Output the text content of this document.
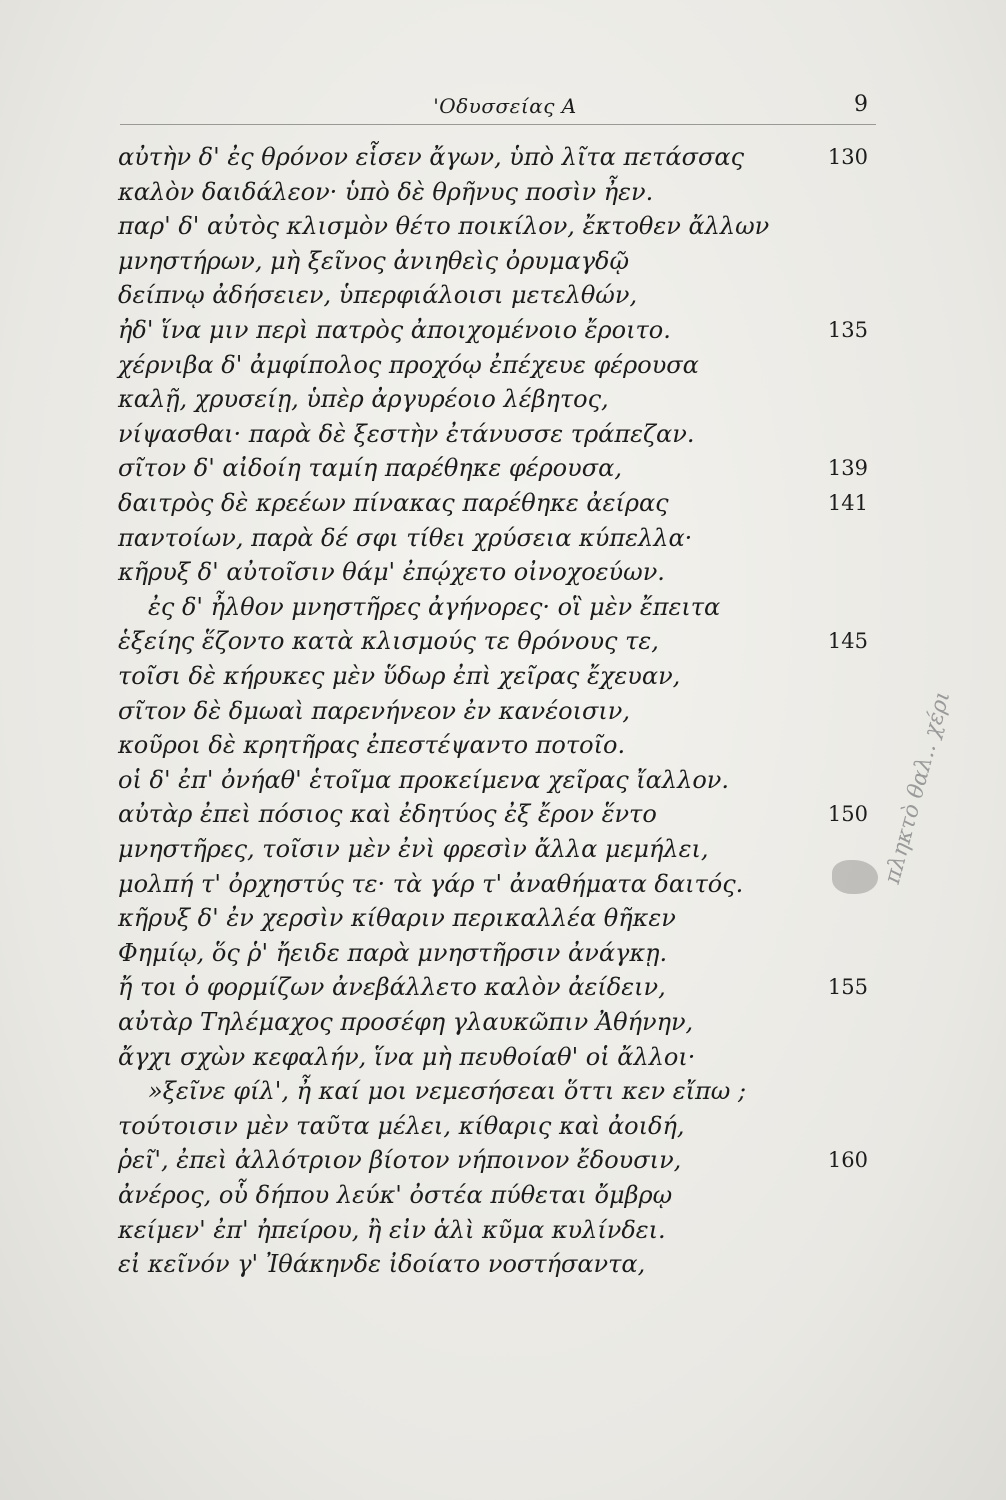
'Οδυσσείας Α	9
αὐτὴν δ' ἐς θρόνον εἷσεν ἄγων, ὑπὸ λῖτα πετάσσας	130
καλὸν δαιδάλεον· ὑπὸ δὲ θρῆνυς ποσὶν ἦεν.
παρ' δ' αὐτὸς κλισμὸν θέτο ποικίλον, ἔκτοθεν ἄλλων
μνηστήρων, μὴ ξεῖνος ἀνιηθεὶς ὀρυμαγδῷ
δείπνῳ ἀδήσειεν, ὑπερφιάλοισι μετελθών,
ἠδ' ἵνα μιν περὶ πατρὸς ἀποιχομένοιο ἔροιτο.	135
χέρνιβα δ' ἀμφίπολος προχόῳ ἐπέχευε φέρουσα
καλῇ, χρυσείῃ, ὑπὲρ ἀργυρέοιο λέβητος,
νίψασθαι· παρὰ δὲ ξεστὴν ἐτάνυσσε τράπεζαν.
σῖτον δ' αἰδοίη ταμίη παρέθηκε φέρουσα,	139
δαιτρὸς δὲ κρεέων πίνακας παρέθηκε ἀείρας	141
παντοίων, παρὰ δέ σφι τίθει χρύσεια κύπελλα·
κῆρυξ δ' αὐτοῖσιν θάμ' ἐπῴχετο οἰνοχοεύων.
ἐς δ' ἦλθον μνηστῆρες ἀγήνορες· οἳ μὲν ἔπειτα
ἑξείης ἕζοντο κατὰ κλισμούς τε θρόνους τε,	145
τοῖσι δὲ κήρυκες μὲν ὕδωρ ἐπὶ χεῖρας ἔχευαν,
σῖτον δὲ δμωαὶ παρενήνεον ἐν κανέοισιν,
κοῦροι δὲ κρητῆρας ἐπεστέψαντο ποτοῖο.
οἱ δ' ἐπ' ὀνήαθ' ἑτοῖμα προκείμενα χεῖρας ἴαλλον.
αὐτὰρ ἐπεὶ πόσιος καὶ ἐδητύος ἐξ ἔρον ἕντο	150
μνηστῆρες, τοῖσιν μὲν ἐνὶ φρεσὶν ἄλλα μεμήλει,
μολπή τ' ὀρχηστύς τε· τὰ γάρ τ' ἀναθήματα δαιτός.
κῆρυξ δ' ἐν χερσὶν κίθαριν περικαλλέα θῆκεν
Φημίῳ, ὅς ῥ' ἤειδε παρὰ μνηστῆρσιν ἀνάγκῃ.
ἤ τοι ὁ φορμίζων ἀνεβάλλετο καλὸν ἀείδειν,	155
αὐτὰρ Τηλέμαχος προσέφη γλαυκῶπιν Ἀθήνην,
ἄγχι σχὼν κεφαλήν, ἵνα μὴ πευθοίαθ' οἱ ἄλλοι·
»ξεῖνε φίλ', ἦ καί μοι νεμεσήσεαι ὅττι κεν εἴπω ;
τούτοισιν μὲν ταῦτα μέλει, κίθαρις καὶ ἀοιδή,
ῥεῖ', ἐπεὶ ἀλλότριον βίοτον νήποινον ἔδουσιν,	160
ἀνέρος, οὗ δήπου λεύκ' ὀστέα πύθεται ὄμβρῳ
κείμεν' ἐπ' ἠπείρου, ἢ εἰν ἁλὶ κῦμα κυλίνδει.
εἰ κεῖνόν γ' Ἰθάκηνδε ἰδοίατο νοστήσαντα,
πληκτὸ θαλ.. χέρι
